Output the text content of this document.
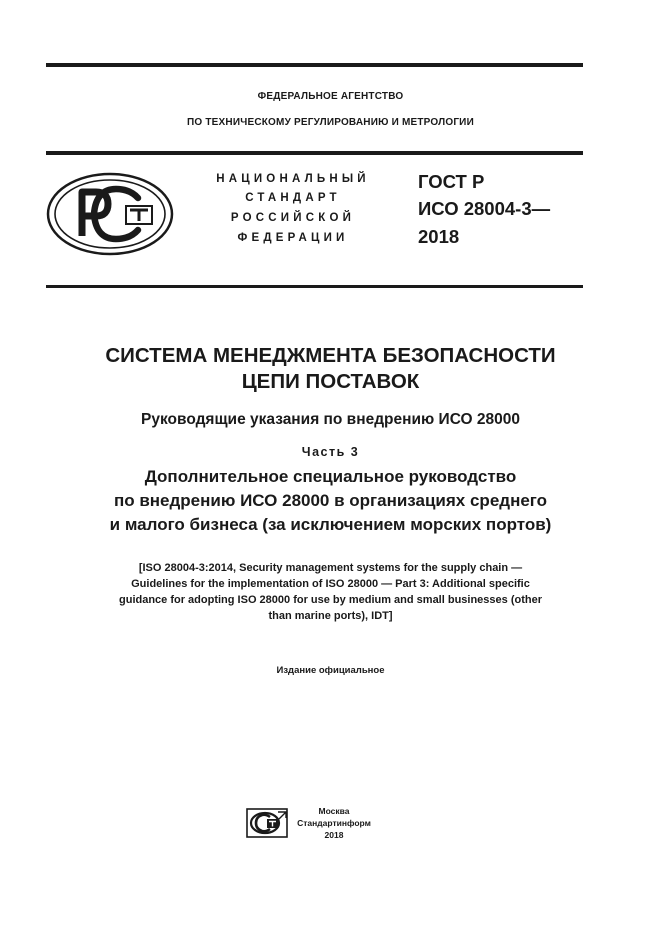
ФЕДЕРАЛЬНОЕ АГЕНТСТВО
ПО ТЕХНИЧЕСКОМУ РЕГУЛИРОВАНИЮ И МЕТРОЛОГИИ
НАЦИОНАЛЬНЫЙ
СТАНДАРТ
РОССИЙСКОЙ
ФЕДЕРАЦИИ
ГОСТ Р
ИСО 28004-3—
2018
СИСТЕМА МЕНЕДЖМЕНТА БЕЗОПАСНОСТИ
ЦЕПИ ПОСТАВОК
Руководящие указания по внедрению ИСО 28000
Часть 3
Дополнительное специальное руководство
по внедрению ИСО 28000 в организациях среднего
и малого бизнеса (за исключением морских портов)
[ISO 28004-3:2014, Security management systems for the supply chain —
Guidelines for the implementation of ISO 28000 — Part 3: Additional specific
guidance for adopting ISO 28000 for use by medium and small businesses (other
than marine ports), IDT]
Издание официальное
Москва
Стандартинформ
2018
